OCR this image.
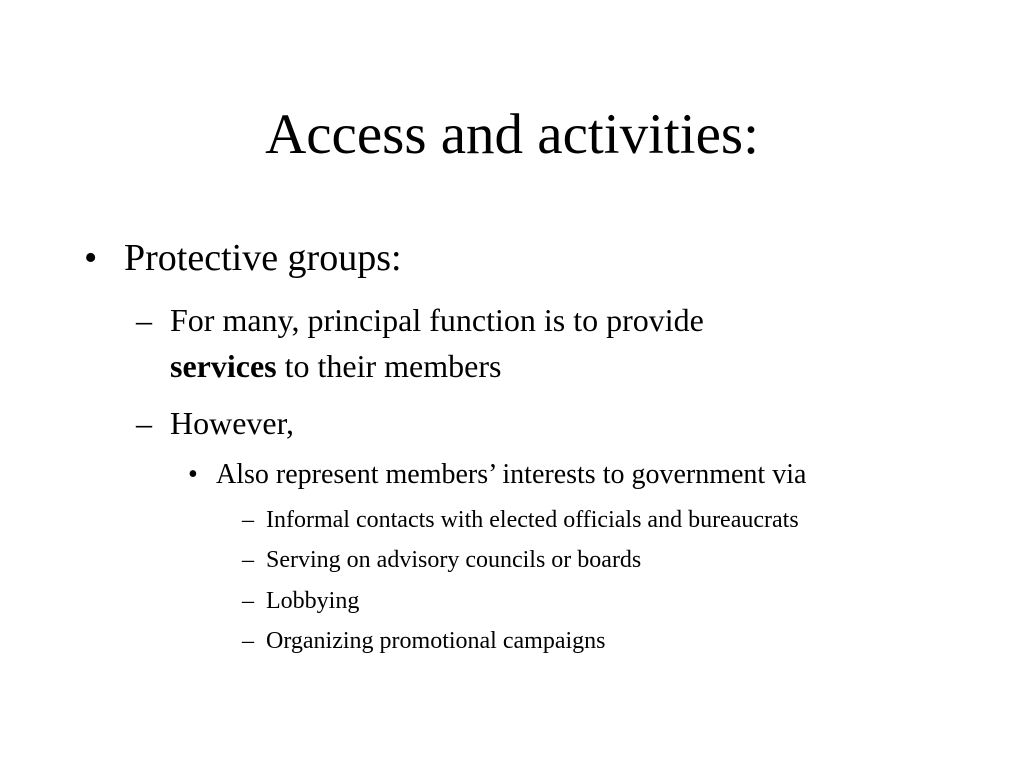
Access and activities:
• Protective groups:
– For many, principal function is to provide
services to their members
– However,
• Also represent members’ interests to government via
– Informal contacts with elected officials and bureaucrats
– Serving on advisory councils or boards
– Lobbying
– Organizing promotional campaigns
